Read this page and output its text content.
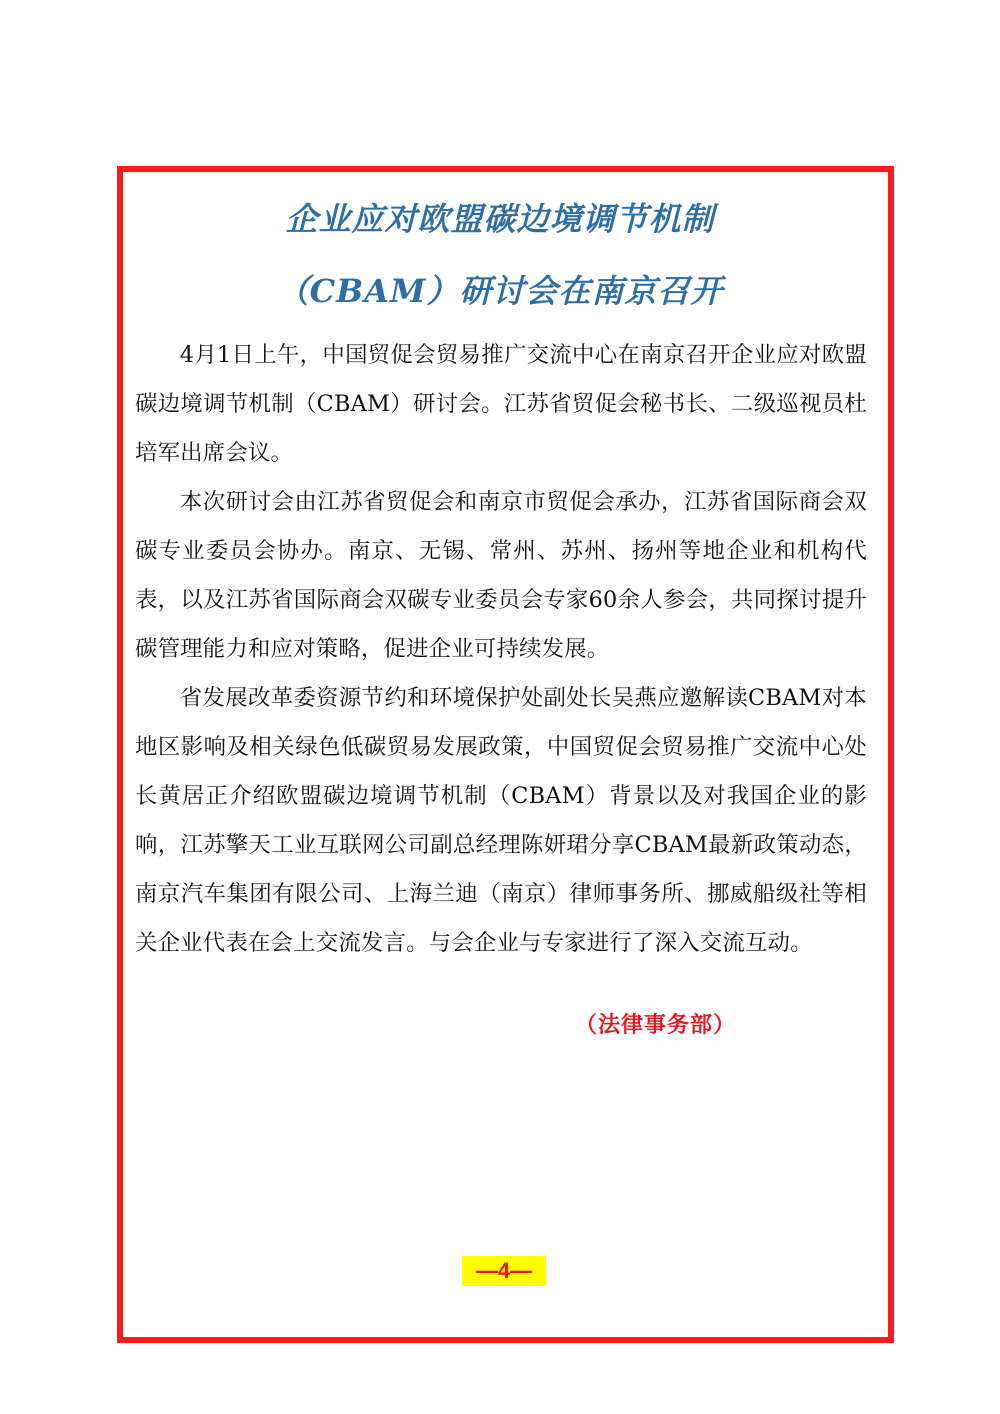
企业应对欧盟碳边境调节机制
（CBAM）研讨会在南京召开

4月1日上午，中国贸促会贸易推广交流中心在南京召开企业应对欧盟碳边境调节机制（CBAM）研讨会。江苏省贸促会秘书长、二级巡视员杜培军出席会议。

本次研讨会由江苏省贸促会和南京市贸促会承办，江苏省国际商会双碳专业委员会协办。南京、无锡、常州、苏州、扬州等地企业和机构代表，以及江苏省国际商会双碳专业委员会专家60余人参会，共同探讨提升碳管理能力和应对策略，促进企业可持续发展。

省发展改革委资源节约和环境保护处副处长吴燕应邀解读CBAM对本地区影响及相关绿色低碳贸易发展政策，中国贸促会贸易推广交流中心处长黄居正介绍欧盟碳边境调节机制（CBAM）背景以及对我国企业的影响，江苏擎天工业互联网公司副总经理陈妍珺分享CBAM最新政策动态，南京汽车集团有限公司、上海兰迪（南京）律师事务所、挪威船级社等相关企业代表在会上交流发言。与会企业与专家进行了深入交流互动。

（法律事务部）

—4—
